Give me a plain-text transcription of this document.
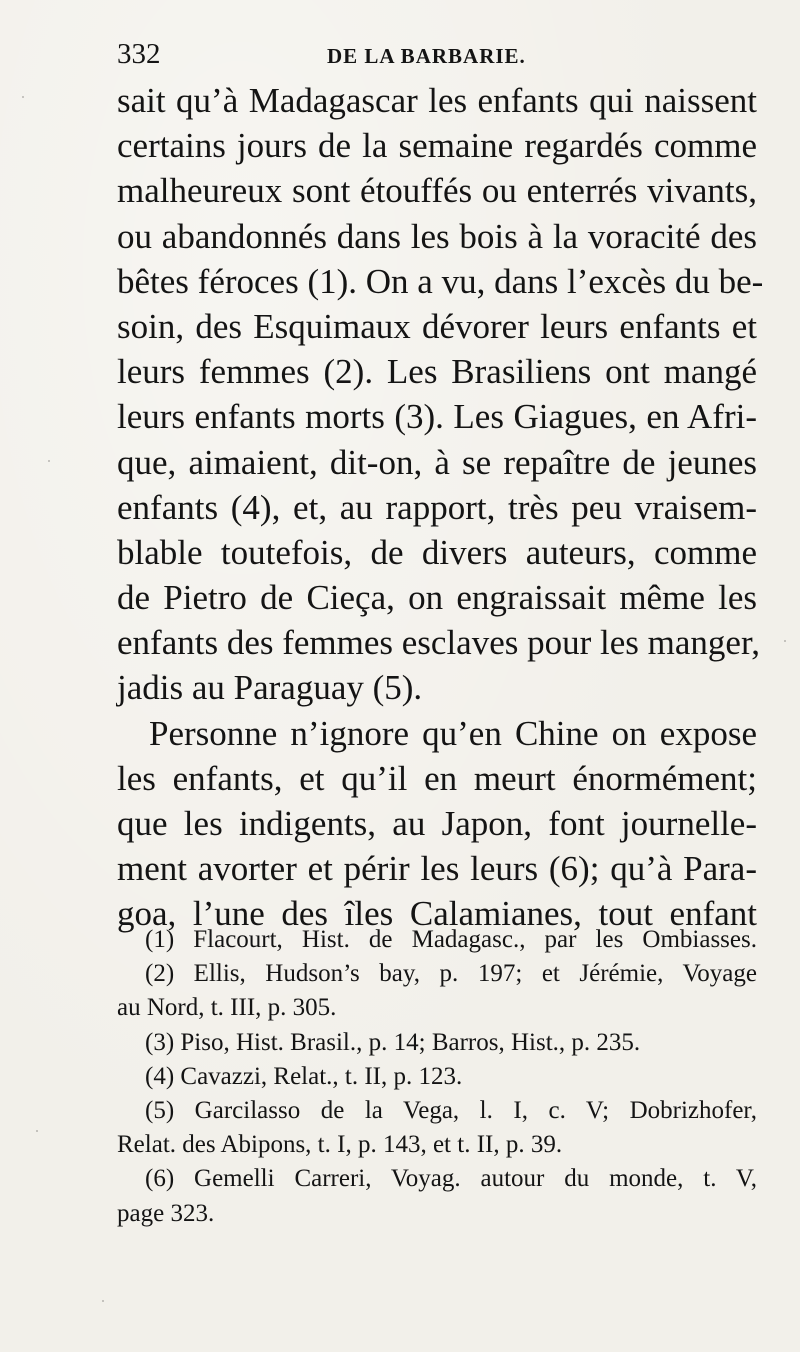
332	DE LA BARBARIE.
sait qu’à Madagascar les enfants qui naissent
certains jours de la semaine regardés comme
malheureux sont étouffés ou enterrés vivants,
ou abandonnés dans les bois à la voracité des
bêtes féroces (1). On a vu, dans l’excès du be-
soin, des Esquimaux dévorer leurs enfants et
leurs femmes (2). Les Brasiliens ont mangé
leurs enfants morts (3). Les Giagues, en Afri-
que, aimaient, dit-on, à se repaître de jeunes
enfants (4), et, au rapport, très peu vraisem-
blable toutefois, de divers auteurs, comme
de Pietro de Cieça, on engraissait même les
enfants des femmes esclaves pour les manger,
jadis au Paraguay (5).
Personne n’ignore qu’en Chine on expose
les enfants, et qu’il en meurt énormément;
que les indigents, au Japon, font journelle-
ment avorter et périr les leurs (6); qu’à Para-
goa, l’une des îles Calamianes, tout enfant
(1) Flacourt, Hist. de Madagasc., par les Ombiasses.
(2) Ellis, Hudson’s bay, p. 197; et Jérémie, Voyage
au Nord, t. III, p. 305.
(3) Piso, Hist. Brasil., p. 14; Barros, Hist., p. 235.
(4) Cavazzi, Relat., t. II, p. 123.
(5) Garcilasso de la Vega, l. I, c. V; Dobrizhofer,
Relat. des Abipons, t. I, p. 143, et t. II, p. 39.
(6) Gemelli Carreri, Voyag. autour du monde, t. V,
page 323.
